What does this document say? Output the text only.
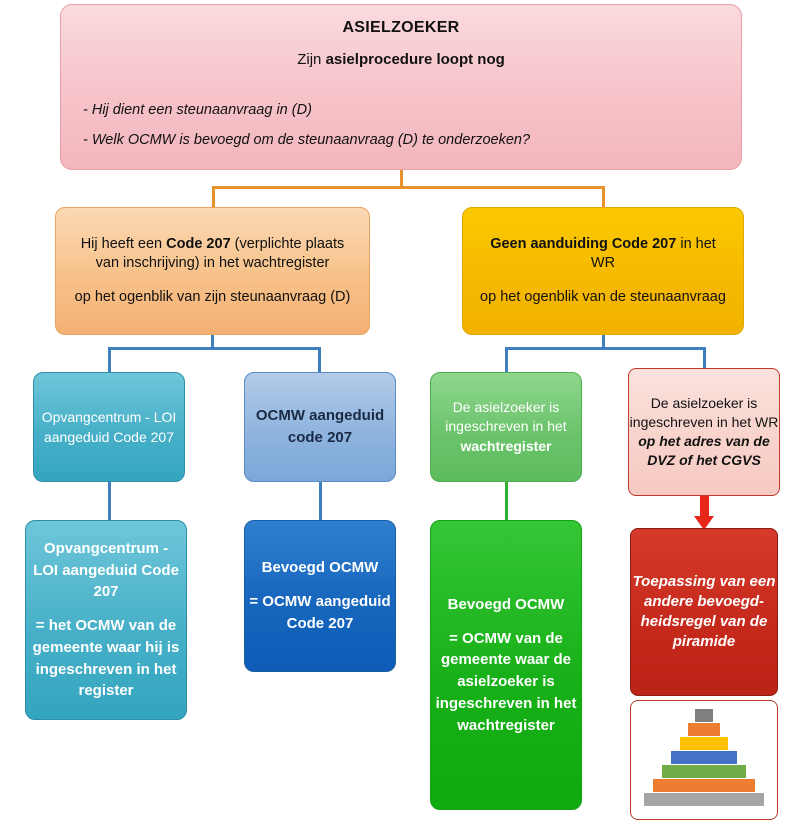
ASIELZOEKER
Zijn asielprocedure loopt nog
- Hij dient een steunaanvraag in (D)
- Welk OCMW is bevoegd om de steunaanvraag (D) te onderzoeken?

Hij heeft een Code 207 (verplichte plaats van inschrijving) in het wachtregister

op het ogenblik van zijn steunaanvraag (D)

Geen aanduiding Code 207 in het WR

op het ogenblik van de steunaanvraag

Opvangcentrum - LOI aangeduid Code 207
OCMW aangeduid code 207
De asielzoeker is ingeschreven in het
wachtregister
De asielzoeker is ingeschreven in het WR
op het adres van de DVZ of het CGVS

Opvangcentrum - LOI aangeduid Code 207

= het OCMW van de gemeente waar hij is ingeschreven in het register

Bevoegd OCMW

= OCMW aangeduid Code 207

Bevoegd OCMW

= OCMW van de gemeente waar de asielzoeker is ingeschreven in het wachtregister

Toepassing van een andere bevoegd-heidsregel van de piramide
